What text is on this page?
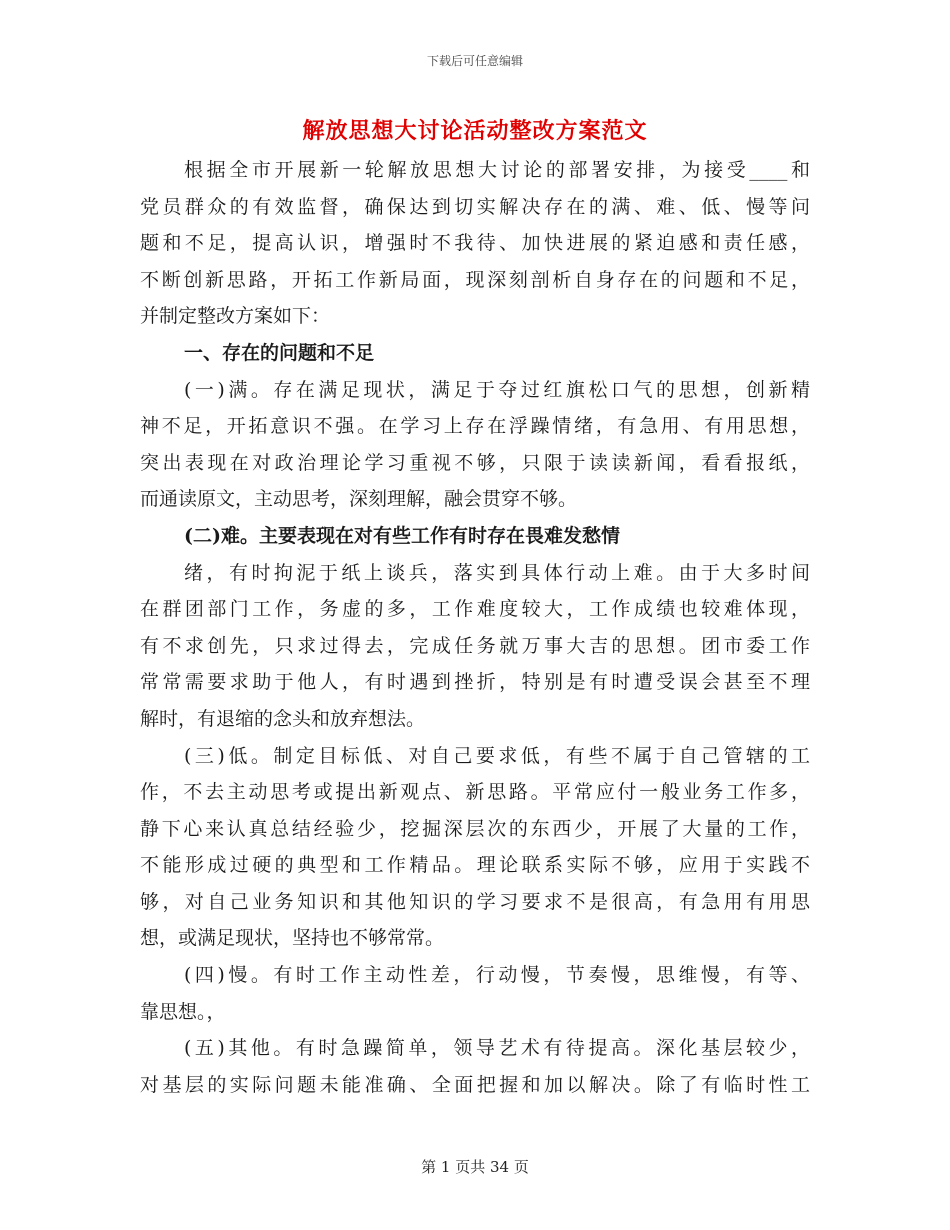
下载后可任意编辑
解放思想大讨论活动整改方案范文
根据全市开展新一轮解放思想大讨论的部署安排，为接受____和
党员群众的有效监督，确保达到切实解决存在的满、难、低、慢等问
题和不足，提高认识，增强时不我待、加快进展的紧迫感和责任感，
不断创新思路，开拓工作新局面，现深刻剖析自身存在的问题和不足，
并制定整改方案如下：
一、存在的问题和不足
(一)满。存在满足现状，满足于夺过红旗松口气的思想，创新精
神不足，开拓意识不强。在学习上存在浮躁情绪，有急用、有用思想，
突出表现在对政治理论学习重视不够，只限于读读新闻，看看报纸，
而通读原文，主动思考，深刻理解，融会贯穿不够。
(二)难。主要表现在对有些工作有时存在畏难发愁情
绪，有时拘泥于纸上谈兵，落实到具体行动上难。由于大多时间
在群团部门工作，务虚的多，工作难度较大，工作成绩也较难体现，
有不求创先，只求过得去，完成任务就万事大吉的思想。团市委工作
常常需要求助于他人，有时遇到挫折，特别是有时遭受误会甚至不理
解时，有退缩的念头和放弃想法。
(三)低。制定目标低、对自己要求低，有些不属于自己管辖的工
作，不去主动思考或提出新观点、新思路。平常应付一般业务工作多，
静下心来认真总结经验少，挖掘深层次的东西少，开展了大量的工作，
不能形成过硬的典型和工作精品。理论联系实际不够，应用于实践不
够，对自己业务知识和其他知识的学习要求不是很高，有急用有用思
想，或满足现状，坚持也不够常常。
(四)慢。有时工作主动性差，行动慢，节奏慢，思维慢，有等、
靠思想。，
(五)其他。有时急躁简单，领导艺术有待提高。深化基层较少，
对基层的实际问题未能准确、全面把握和加以解决。除了有临时性工
第 1 页共 34 页
